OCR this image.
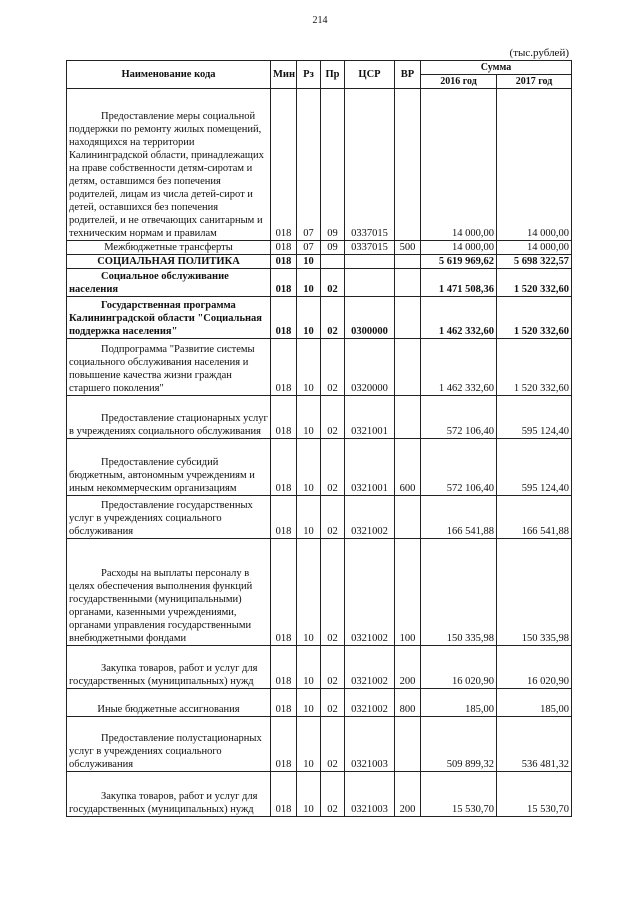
214
(тыс.рублей)
Наименование кода	Мин	Рз	Пр	ЦСР	ВР	Сумма	
						2016 год	2017 год
Предоставление меры социальной поддержки по ремонту жилых помещений, находящихся на территории Калининградской области, принадлежащих на праве собственности детям-сиротам и детям, оставшимся без попечения родителей, лицам из числа детей-сирот и детей, оставшихся без попечения родителей, и не отвечающих санитарным и техническим нормам и правилам	018	07	09	0337015		14 000,00	14 000,00
Межбюджетные трансферты	018	07	09	0337015	500	14 000,00	14 000,00
СОЦИАЛЬНАЯ ПОЛИТИКА	018	10				5 619 969,62	5 698 322,57
Социальное обслуживание населения	018	10	02			1 471 508,36	1 520 332,60
Государственная программа Калининградской области "Социальная поддержка населения"	018	10	02	0300000		1 462 332,60	1 520 332,60
Подпрограмма "Развитие системы социального обслуживания населения и повышение качества жизни граждан старшего поколения"	018	10	02	0320000		1 462 332,60	1 520 332,60
Предоставление стационарных услуг в учреждениях социального обслуживания	018	10	02	0321001		572 106,40	595 124,40
Предоставление субсидий бюджетным, автономным учреждениям и иным некоммерческим организациям	018	10	02	0321001	600	572 106,40	595 124,40
Предоставление государственных услуг в учреждениях социального обслуживания	018	10	02	0321002		166 541,88	166 541,88
Расходы на выплаты персоналу в целях обеспечения выполнения функций государственными (муниципальными) органами, казенными учреждениями, органами управления государственными внебюджетными фондами	018	10	02	0321002	100	150 335,98	150 335,98
Закупка товаров, работ и услуг для государственных (муниципальных) нужд	018	10	02	0321002	200	16 020,90	16 020,90
Иные бюджетные ассигнования	018	10	02	0321002	800	185,00	185,00
Предоставление полустационарных услуг в учреждениях социального обслуживания	018	10	02	0321003		509 899,32	536 481,32
Закупка товаров, работ и услуг для государственных (муниципальных) нужд	018	10	02	0321003	200	15 530,70	15 530,70
